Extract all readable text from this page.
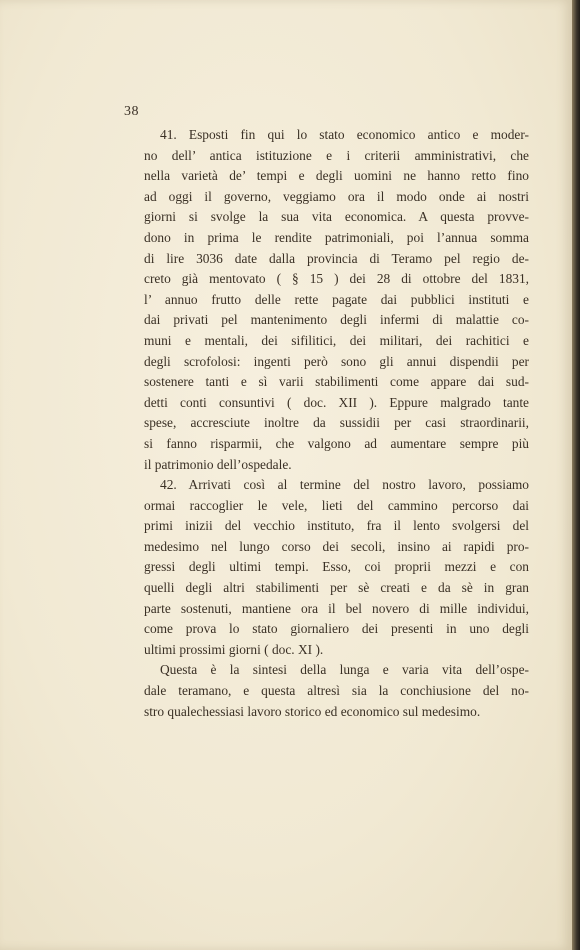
38
41. Esposti fin qui lo stato economico antico e moder-
no dell’ antica istituzione e i criterii amministrativi, che
nella varietà de’ tempi e degli uomini ne hanno retto fino
ad oggi il governo, veggiamo ora il modo onde ai nostri
giorni si svolge la sua vita economica. A questa provve-
dono in prima le rendite patrimoniali, poi l’annua somma
di lire 3036 date dalla provincia di Teramo pel regio de-
creto già mentovato ( § 15 ) dei 28 di ottobre del 1831,
l’ annuo frutto delle rette pagate dai pubblici instituti e
dai privati pel mantenimento degli infermi di malattie co-
muni e mentali, dei sifilitici, dei militari, dei rachitici e
degli scrofolosi: ingenti però sono gli annui dispendii per
sostenere tanti e sì varii stabilimenti come appare dai sud-
detti conti consuntivi ( doc. XII ). Eppure malgrado tante
spese, accresciute inoltre da sussidii per casi straordinarii,
si fanno risparmii, che valgono ad aumentare sempre più
il patrimonio dell’ospedale.
42. Arrivati così al termine del nostro lavoro, possiamo
ormai raccoglier le vele, lieti del cammino percorso dai
primi inizii del vecchio instituto, fra il lento svolgersi del
medesimo nel lungo corso dei secoli, insino ai rapidi pro-
gressi degli ultimi tempi. Esso, coi proprii mezzi e con
quelli degli altri stabilimenti per sè creati e da sè in gran
parte sostenuti, mantiene ora il bel novero di mille individui,
come prova lo stato giornaliero dei presenti in uno degli
ultimi prossimi giorni ( doc. XI ).
Questa è la sintesi della lunga e varia vita dell’ospe-
dale teramano, e questa altresì sia la conchiusione del no-
stro qualechessiasi lavoro storico ed economico sul medesimo.
